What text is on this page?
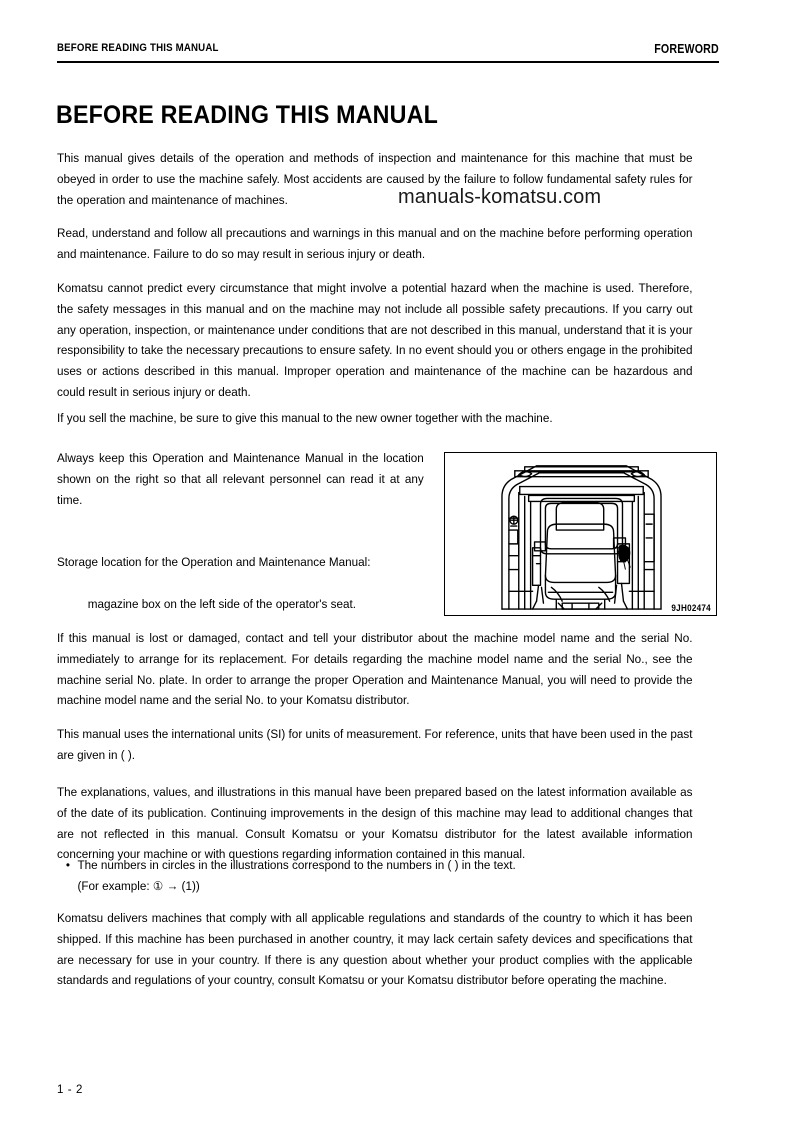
BEFORE READING THIS MANUAL	FOREWORD
BEFORE READING THIS MANUAL

This manual gives details of the operation and methods of inspection and maintenance for this machine that must be obeyed in order to use the machine safely. Most accidents are caused by the failure to follow fundamental safety rules for the operation and maintenance of machines.	manuals-komatsu.com

Read, understand and follow all precautions and warnings in this manual and on the machine before performing operation and maintenance. Failure to do so may result in serious injury or death.

Komatsu cannot predict every circumstance that might involve a potential hazard when the machine is used. Therefore, the safety messages in this manual and on the machine may not include all possible safety precautions. If you carry out any operation, inspection, or maintenance under conditions that are not described in this manual, understand that it is your responsibility to take the necessary precautions to ensure safety. In no event should you or others engage in the prohibited uses or actions described in this manual. Improper operation and maintenance of the machine can be hazardous and could result in serious injury or death.

If you sell the machine, be sure to give this manual to the new owner together with the machine.

Always keep this Operation and Maintenance Manual in the location shown on the right so that all relevant personnel can read it at any time.

Storage location for the Operation and Maintenance Manual:

magazine box on the left side of the operator's seat.	9JH02474

If this manual is lost or damaged, contact and tell your distributor about the machine model name and the serial No. immediately to arrange for its replacement. For details regarding the machine model name and the serial No., see the machine serial No. plate. In order to arrange the proper Operation and Maintenance Manual, you will need to provide the machine model name and the serial No. to your Komatsu distributor.

This manual uses the international units (SI) for units of measurement. For reference, units that have been used in the past are given in ( ).

The explanations, values, and illustrations in this manual have been prepared based on the latest information available as of the date of its publication. Continuing improvements in the design of this machine may lead to additional changes that are not reflected in this manual. Consult Komatsu or your Komatsu distributor for the latest available information concerning your machine or with questions regarding information contained in this manual.

• The numbers in circles in the illustrations correspond to the numbers in ( ) in the text.
(For example: ① → (1))

Komatsu delivers machines that comply with all applicable regulations and standards of the country to which it has been shipped. If this machine has been purchased in another country, it may lack certain safety devices and specifications that are necessary for use in your country. If there is any question about whether your product complies with the applicable standards and regulations of your country, consult Komatsu or your Komatsu distributor before operating the machine.

1 - 2
